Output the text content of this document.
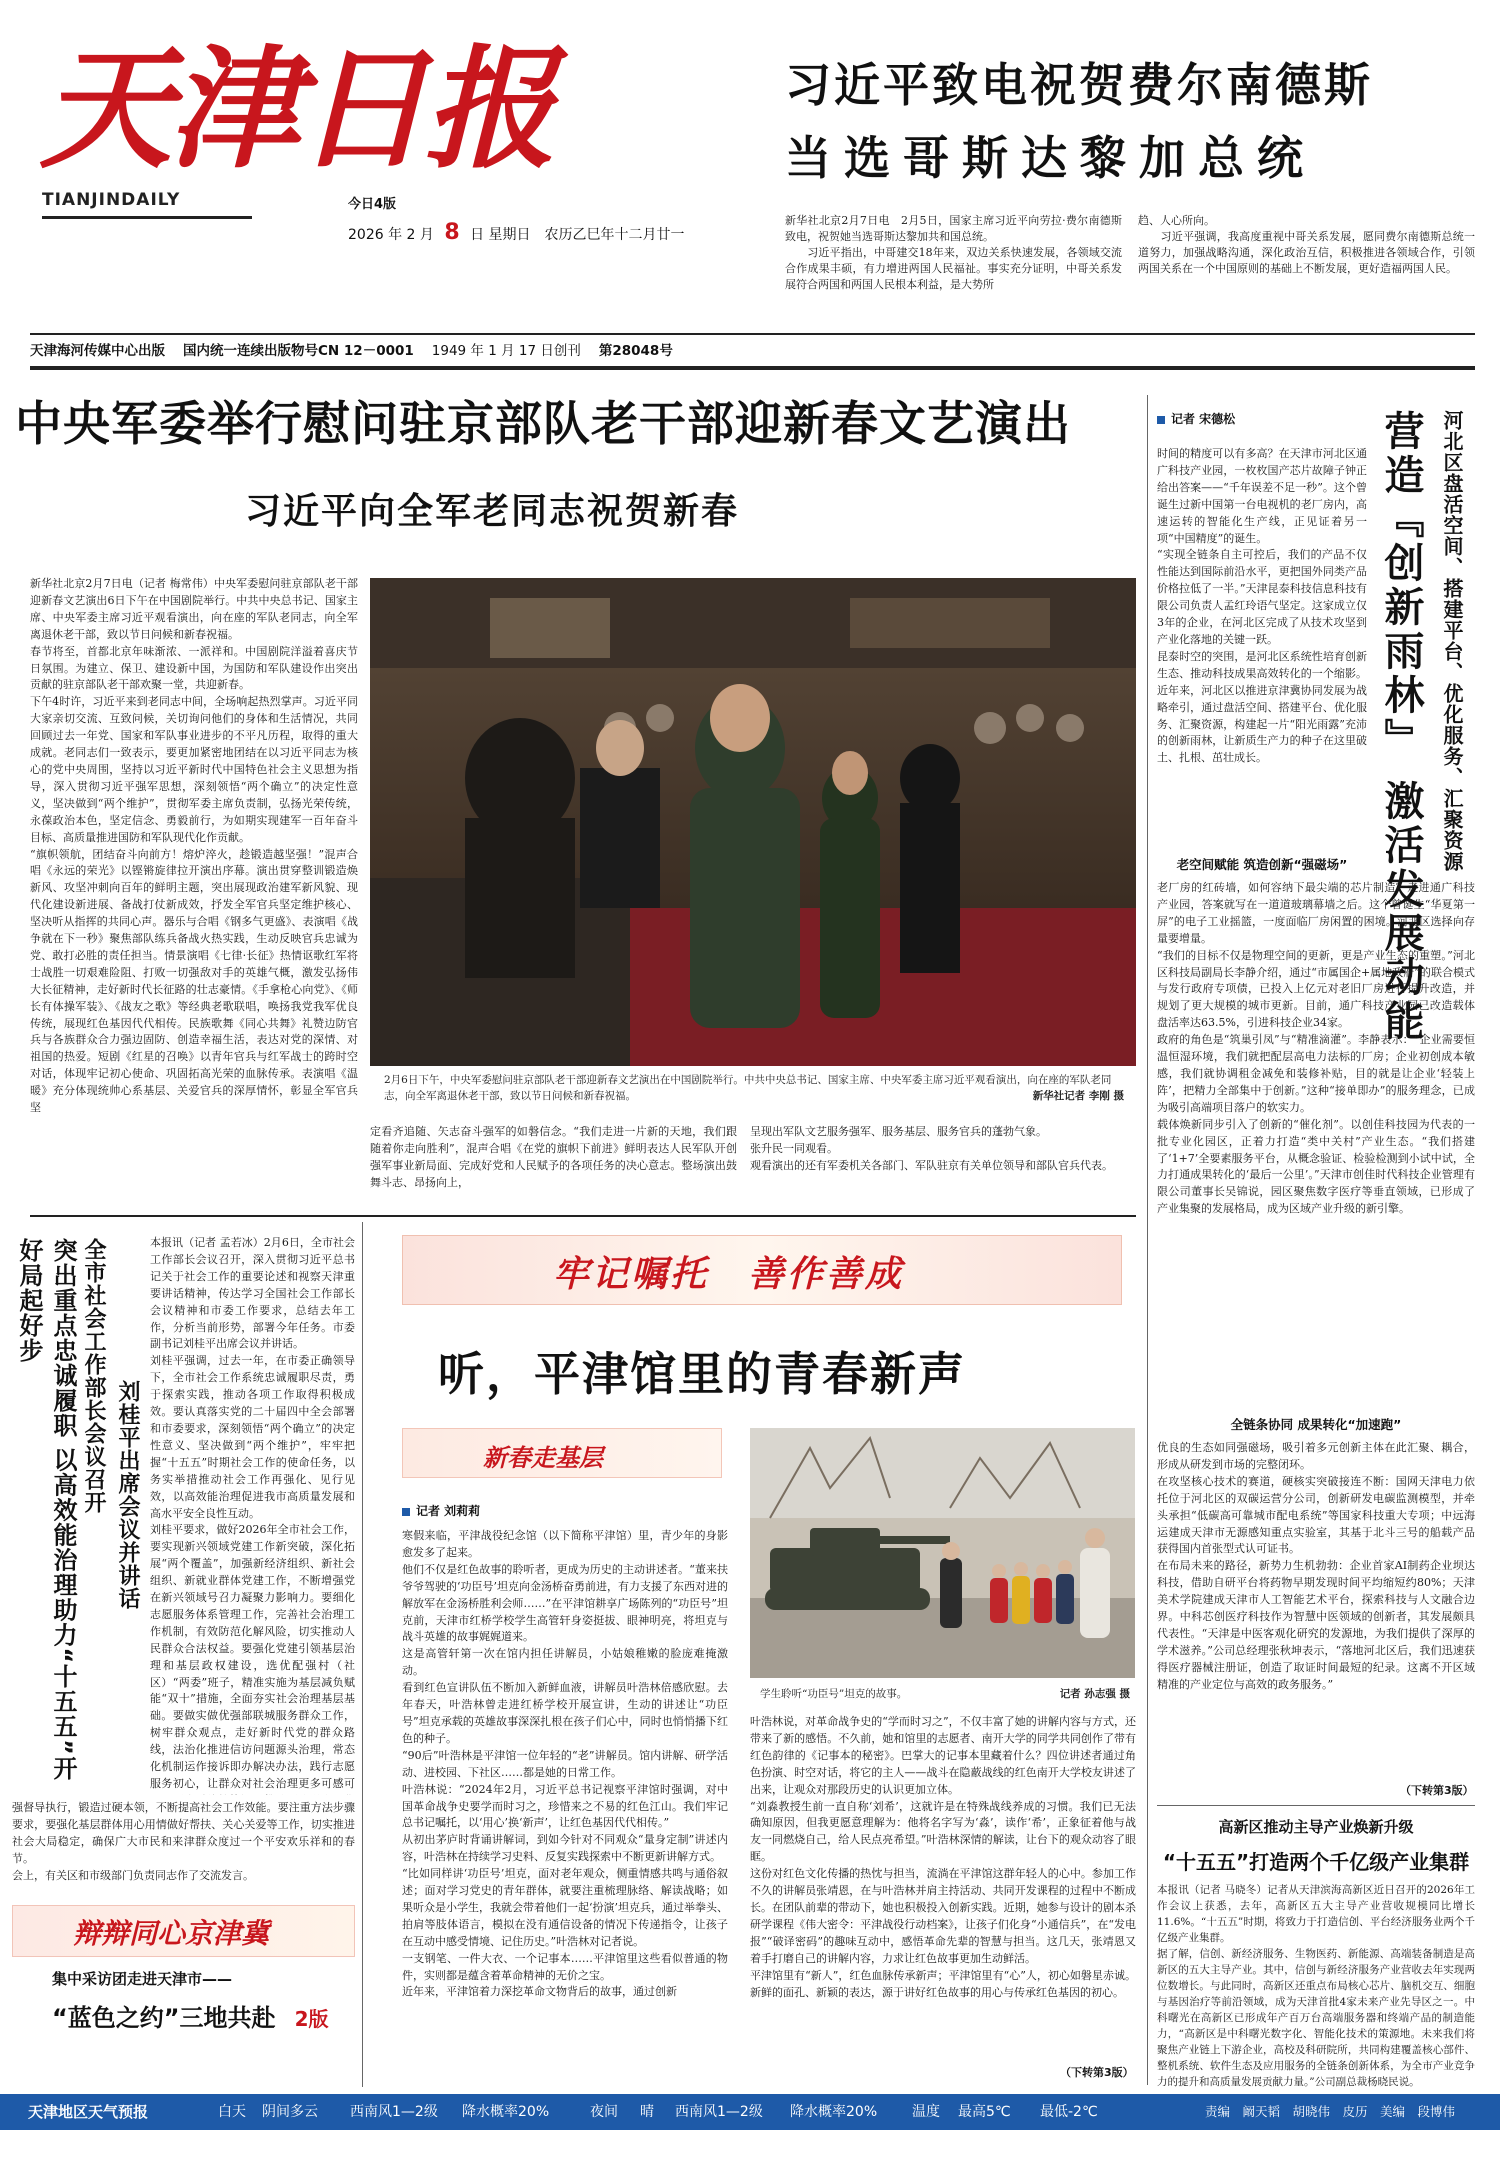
天津日报
TIANJINDAILY	今日4版
2026 年 2 月 8 日 星期日　农历乙巳年十二月廿一
习近平致电祝贺费尔南德斯
当选哥斯达黎加总统
新华社北京2月7日电　2月5日，国家主席习近平向劳拉·费尔南德斯致电，祝贺她当选哥斯达黎加共和国总统。
　　习近平指出，中哥建交18年来，双边关系快速发展，各领域交流合作成果丰硕，有力增进两国人民福祉。事实充分证明，中哥关系发展符合两国和两国人民根本利益，是大势所
趋、人心所向。
　　习近平强调，我高度重视中哥关系发展，愿同费尔南德斯总统一道努力，加强战略沟通，深化政治互信，积极推进各领域合作，引领两国关系在一个中国原则的基础上不断发展，更好造福两国人民。
天津海河传媒中心出版 国内统一连续出版物号CN 12－0001 1949 年 1 月 17 日创刊 第28048号
中央军委举行慰问驻京部队老干部迎新春文艺演出
习近平向全军老同志祝贺新春
新华社北京2月7日电（记者 梅常伟）中央军委慰问驻京部队老干部迎新春文艺演出6日下午在中国剧院举行。中共中央总书记、国家主席、中央军委主席习近平观看演出，向在座的军队老同志，向全军离退休老干部，致以节日问候和新春祝福。
春节将至，首都北京年味渐浓、一派祥和。中国剧院洋溢着喜庆节日氛围。为建立、保卫、建设新中国，为国防和军队建设作出突出贡献的驻京部队老干部欢聚一堂，共迎新春。
下午4时许，习近平来到老同志中间，全场响起热烈掌声。习近平同大家亲切交流、互致问候，关切询问他们的身体和生活情况，共同回顾过去一年党、国家和军队事业进步的不平凡历程，取得的重大成就。老同志们一致表示，要更加紧密地团结在以习近平同志为核心的党中央周围，坚持以习近平新时代中国特色社会主义思想为指导，深入贯彻习近平强军思想，深刻领悟“两个确立”的决定性意义，坚决做到“两个维护”，贯彻军委主席负责制，弘扬光荣传统，永葆政治本色，坚定信念、勇毅前行，为如期实现建军一百年奋斗目标、高质量推进国防和军队现代化作贡献。
“旗帜领航，团结奋斗向前方！熔炉淬火，趁锻造越坚强！”混声合唱《永远的荣光》以铿锵旋律拉开演出序幕。演出贯穿整训锻造焕新风、攻坚冲刺向百年的鲜明主题，突出展现政治建军新风貌、现代化建设新进展、备战打仗新成效，抒发全军官兵坚定维护核心、坚决听从指挥的共同心声。器乐与合唱《钢多气更盛》、表演唱《战争就在下一秒》聚焦部队练兵备战火热实践，生动反映官兵忠诚为党、敢打必胜的责任担当。情景演唱《七律·长征》热情讴歌红军将士战胜一切艰难险阻、打败一切强敌对手的英雄气概，激发弘扬伟大长征精神，走好新时代长征路的壮志豪情。《手拿枪心向党》、《师长有体操军装》、《战友之歌》等经典老歌联唱，唤扬我党我军优良传统，展现红色基因代代相传。民族歌舞《同心共舞》礼赞边防官兵与各族群众合力强边固防、创造幸福生活，表达对党的深情、对祖国的热爱。短剧《红星的召唤》以青年官兵与红军战士的跨时空对话，体现牢记初心使命、巩固拓高光荣的血脉传承。表演唱《温暖》充分体现统帅心系基层、关爱官兵的深厚情怀，彰显全军官兵坚
2月6日下午，中央军委慰问驻京部队老干部迎新春文艺演出在中国剧院举行。中共中央总书记、国家主席、中央军委主席习近平观看演出，向在座的军队老同志，向全军离退休老干部，致以节日问候和新春祝福。	新华社记者 李刚 摄
定看齐追随、矢志奋斗强军的如磐信念。“我们走进一片新的天地，我们跟随着你走向胜利”，混声合唱《在党的旗帜下前进》鲜明表达人民军队开创强军事业新局面、完成好党和人民赋予的各项任务的决心意志。整场演出鼓舞斗志、昂扬向上，
呈现出军队文艺服务强军、服务基层、服务官兵的蓬勃气象。
张升民一同观看。
观看演出的还有军委机关各部门、军队驻京有关单位领导和部队官兵代表。
记者 宋德松	营造『创新雨林』 激活发展动能 河北区盘活空间、搭建平台、优化服务、汇聚资源
时间的精度可以有多高？在天津市河北区通广科技产业园，一枚枚国产芯片故障子钟正给出答案——“千年误差不足一秒”。这个曾诞生过新中国第一台电视机的老厂房内，高速运转的智能化生产线，正见证着另一项“中国精度”的诞生。
“实现全链条自主可控后，我们的产品不仅性能达到国际前沿水平，更把国外同类产品价格拉低了一半。”天津昆泰科技信息科技有限公司负责人孟红玲语气坚定。这家成立仅3年的企业，在河北区完成了从技术攻坚到产业化落地的关键一跃。
昆泰时空的突围，是河北区系统性培育创新生态、推动科技成果高效转化的一个缩影。近年来，河北区以推进京津冀协同发展为战略牵引，通过盘活空间、搭建平台、优化服务、汇聚资源，构建起一片“阳光雨露”充沛的创新雨林，让新质生产力的种子在这里破土、扎根、茁壮成长。
老空间赋能 筑造创新“强磁场”
老厂房的红砖墙，如何容纳下最尖端的芯片制造？走进通广科技产业园，答案就写在一道道玻璃幕墙之后。这个曾诞生“华夏第一屏”的电子工业摇篮，一度面临厂房闲置的困境。河北区选择向存量要增量。
“我们的目标不仅是物理空间的更新，更是产业生态的重塑。”河北区科技局副局长李静介绍，通过“市属国企+属地政府”的联合模式与发行政府专项债，已投入上亿元对老旧厂房进行提升改造，并规划了更大规模的城市更新。目前，通广科技产业园已改造载体盘活率达63.5%，引进科技企业34家。
政府的角色是“筑巢引凤”与“精准滴灌”。李静表示：“企业需要恒温恒湿环境，我们就把配层高电力法标的厂房；企业初创成本敏感，我们就协调租金减免和装修补贴，目的就是让企业‘轻装上阵’，把精力全部集中于创新。”这种“接单即办”的服务理念，已成为吸引高端项目落户的软实力。
载体焕新同步引入了创新的“催化剂”。以创佳科技园为代表的一批专业化园区，正着力打造“类中关村”产业生态。“我们搭建了‘1+7’全要素服务平台，从概念验证、检验检测到小试中试，全力打通成果转化的‘最后一公里’。”天津市创佳时代科技企业管理有限公司董事长吴锦说，园区聚焦数字医疗等垂直领域，已形成了产业集聚的发展格局，成为区域产业升级的新引擎。
全链条协同 成果转化“加速跑”
优良的生态如同强磁场，吸引着多元创新主体在此汇聚、耦合，形成从研发到市场的完整闭环。
在攻坚核心技术的赛道，硬核实突破接连不断：国网天津电力依托位于河北区的双碳运营分公司，创新研发电碳监测模型，并牵头承担“低碳高可靠城市配电系统”等国家科技重大专项；中远海运建成天津市无源感知重点实验室，其基于北斗三号的船载产品获得国内首张型式认可证书。
在布局未来的路径，新势力生机勃勃：企业首家AI制药企业坝达科技，借助自研平台将药物早期发现时间平均缩短约80%；天津美术学院建成天津市人工智能艺术平台，探索科技与人文融合边界。中科芯创医疗科技作为智慧中医领域的创新者，其发展颇具代表性。“天津是中医客观化研究的发源地，为我们提供了深厚的学术滋养。”公司总经理张秋坤表示，“落地河北区后，我们迅速获得医疗器械注册证，创造了取证时间最短的纪录。这离不开区域精准的产业定位与高效的政务服务。”
（下转第3版）
突出重点忠诚履职 以高效能治理助力“十五五”开好局起好步	全市社会工作部长会议召开 刘桂平出席会议并讲话
本报讯（记者 孟若冰）2月6日，全市社会工作部长会议召开，深入贯彻习近平总书记关于社会工作的重要论述和视察天津重要讲话精神，传达学习全国社会工作部长会议精神和市委工作要求，总结去年工作，分析当前形势，部署今年任务。市委副书记刘桂平出席会议并讲话。
刘桂平强调，过去一年，在市委正确领导下，全市社会工作系统忠诚履职尽责，勇于探索实践，推动各项工作取得积极成效。要认真落实党的二十届四中全会部署和市委要求，深刻领悟“两个确立”的决定性意义、坚决做到“两个维护”，牢牢把握“十五五”时期社会工作的使命任务，以务实举措推动社会工作再强化、见行见效，以高效能治理促进我市高质量发展和高水平安全良性互动。
刘桂平要求，做好2026年全市社会工作，要实现新兴领域党建工作新突破，深化拓展“两个覆盖”，加强新经济组织、新社会组织、新就业群体党建工作，不断增强党在新兴领域号召力凝聚力影响力。要细化志愿服务体系管理工作，完善社会治理工作机制，有效防范化解风险，切实推动人民群众合法权益。要强化党建引领基层治理和基层政权建设，选优配强村（社区）“两委”班子，精准实施为基层减负赋能“双十”措施，全面夯实社会治理基层基础。要做实做优强部联城服务群众工作，树牢群众观点，走好新时代党的群众路线，法治化推进信访问题源头治理，常态化机制运作接诉即办解决办法，践行志愿服务初心，让群众对社会治理更多可感可
强督导执行，锻造过硬本领，不断提高社会工作效能。要注重方法步骤要求，要强化基层群体用心用情做好帮扶、关心关爱等工作，切实推进社会大局稳定，确保广大市民和来津群众度过一个平安欢乐祥和的春节。
会上，有关区和市级部门负责同志作了交流发言。
辩辩同心京津冀
集中采访团走进天津市——
“蓝色之约”三地共赴 2版
牢记嘱托　善作善成
听，平津馆里的青春新声
新春走基层
记者 刘莉莉
寒假来临，平津战役纪念馆（以下简称平津馆）里，青少年的身影愈发多了起来。
他们不仅是红色故事的聆听者，更成为历史的主动讲述者。“董来扶爷爷驾驶的‘功臣号’坦克向金汤桥奋勇前进，有力支援了东西对进的解放军在金汤桥胜利会师……”在平津馆耕享广场陈列的“功臣号”坦克前，天津市红桥学校学生高管轩身姿挺拔、眼神明亮，将坦克与战斗英雄的故事娓娓道来。
这是高管轩第一次在馆内担任讲解员，小姑娘稚嫩的脸庞难掩激动。
看到红色宣讲队伍不断加入新鲜血液，讲解员叶浩林倍感欣慰。去年春天，叶浩林曾走进红桥学校开展宣讲，生动的讲述让“功臣号”坦克承载的英雄故事深深扎根在孩子们心中，同时也悄悄播下红色的种子。
“90后”叶浩林是平津馆一位年轻的“老”讲解员。馆内讲解、研学活动、进校园、下社区……都是她的日常工作。
叶浩林说：“2024年2月，习近平总书记视察平津馆时强调，对中国革命战争史要学而时习之，珍惜来之不易的红色江山。我们牢记总书记嘱托，以‘用心’换‘新声’，让红色基因代代相传。”
从初出茅庐时背诵讲解词，到如今针对不同观众“量身定制”讲述内容，叶浩林在持续学习史料、反复实践探索中不断更新讲解方式。
“比如同样讲‘功臣号’坦克，面对老年观众，侧重情感共鸣与通俗叙述；面对学习党史的青年群体，就要注重梳理脉络、解读战略；如果听众是小学生，我就会带着他们一起‘扮演’坦克兵，通过举拳头、拍肩等肢体语言，模拟在没有通信设备的情况下传递指令，让孩子在互动中感受情境、记住历史。”叶浩林对记者说。
一支钢笔、一件大衣、一个记事本……平津馆里这些看似普通的物件，实则都是蕴含着革命精神的无价之宝。
近年来，平津馆着力深挖革命文物背后的故事，通过创新
学生聆听“功臣号”坦克的故事。	记者 孙志强 摄
叶浩林说，对革命战争史的“学而时习之”，不仅丰富了她的讲解内容与方式，还带来了新的感悟。不久前，她和馆里的志愿者、南开大学的同学共同创作了带有红色韵律的《记事本的秘密》。巴掌大的记事本里藏着什么？四位讲述者通过角色扮演、时空对话，将它的主人——战斗在隐蔽战线的红色南开大学校友讲述了出来，让观众对那段历史的认识更加立体。
“刘淼教授生前一直自称‘刘希’，这就许是在特殊战线养成的习惯。我们已无法确知原因，但我更愿意理解为：他将名字写为‘淼’，读作‘希’，正象征着他与战友一同燃烧自己，给人民点亮希望。”叶浩林深情的解读，让台下的观众动容了眼眶。
这份对红色文化传播的热忱与担当，流淌在平津馆这群年轻人的心中。参加工作不久的讲解员张靖恩，在与叶浩林并肩主持活动、共同开发课程的过程中不断成长。在团队前辈的带动下，她也积极投入创新实践。近期，她参与设计的剧本杀研学课程《伟大密令：平津战役行动档案》，让孩子们化身“小通信兵”，在“发电报”“破译密码”的趣味互动中，感悟革命先辈的智慧与担当。这几天，张靖恩又着手打磨自己的讲解内容，力求让红色故事更加生动鲜活。
平津馆里有“新人”，红色血脉传承新声；平津馆里有“心”人，初心如磐星赤诚。新鲜的面孔、新颖的表达，源于讲好红色故事的用心与传承红色基因的初心。
（下转第3版）
高新区推动主导产业焕新升级
“十五五”打造两个千亿级产业集群
本报讯（记者 马晓冬）记者从天津滨海高新区近日召开的2026年工作会议上获悉，去年，高新区五大主导产业营收规模同比增长11.6%。“十五五”时期，将致力于打造信创、平台经济服务业两个千亿级产业集群。
据了解，信创、新经济服务、生物医药、新能源、高端装备制造是高新区的五大主导产业。其中，信创与新经济服务产业营收去年实现两位数增长。与此同时，高新区还重点布局核心芯片、脑机交互、细胞与基因治疗等前沿领域，成为天津首批4家未来产业先导区之一。中科曙光在高新区已形成年产百万台高端服务器和终端产品的制造能力，“高新区是中科曙光数字化、智能化技术的策源地。未来我们将聚焦产业链上下游企业，高校及科研院所，共同构建覆盖核心部件、整机系统、软件生态及应用服务的全链条创新体系，为全市产业竞争力的提升和高质量发展贡献力量。”公司副总裁杨晓民说。

天津地区天气预报	白天 阴间多云 西南风1—2级 降水概率20%	夜间 晴 西南风1—2级 降水概率20% 温度 最高5℃ 最低-2℃	责编　阚天韬　胡晓伟　皮历　美编　段博伟
